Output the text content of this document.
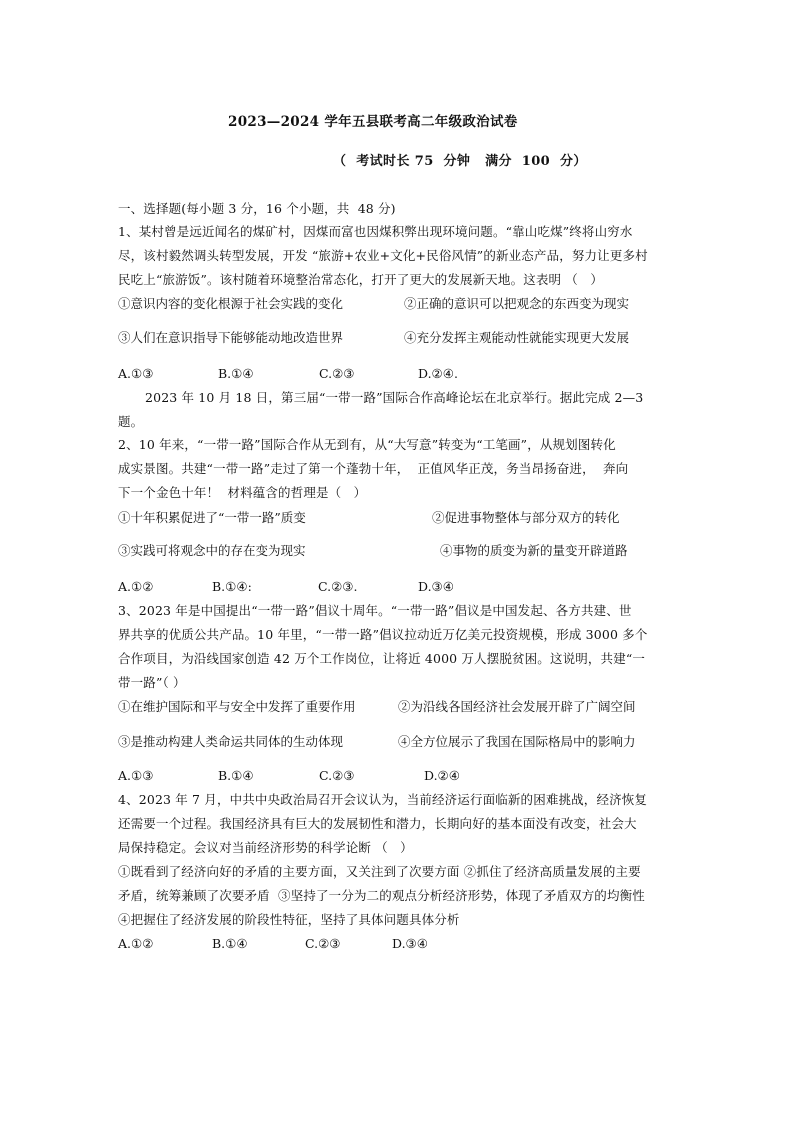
2023—2024 学年五县联考高二年级政治试卷
（  考试时长 75  分钟   满分  100  分）
一、选择题(每小题 3 分，16 个小题，共  48 分)
1、某村曾是远近闻名的煤矿村，因煤而富也因煤积弊出现环境问题。“靠山吃煤”终将山穷水
尽，该村毅然调头转型发展，开发 “旅游+农业+文化+民俗风情”的新业态产品，努力让更多村
民吃上“旅游饭”。该村随着环境整治常态化，打开了更大的发展新天地。这表明 （   ）
①意识内容的变化根源于社会实践的变化	②正确的意识可以把观念的东西变为现实
③人们在意识指导下能够能动地改造世界	④充分发挥主观能动性就能实现更大发展
A.①③	B.①④	C.②③	D.②④.
2023 年 10 月 18 日，第三届“一带一路”国际合作高峰论坛在北京举行。据此完成 2—3
题。
2、10 年来，“一带一路”国际合作从无到有，从“大写意”转变为“工笔画”，从规划图转化
成实景图。共建“一带一路”走过了第一个蓬勃十年，  正值风华正茂，务当昂扬奋进，  奔向
下一个金色十年！  材料蕴含的哲理是（   ）
①十年积累促进了“一带一路”质变	②促进事物整体与部分双方的转化
③实践可将观念中的存在变为现实	④事物的质变为新的量变开辟道路
A.①②	B.①④:	C.②③.	D.③④
3、2023 年是中国提出“一带一路”倡议十周年。“一带一路”倡议是中国发起、各方共建、世
界共享的优质公共产品。10 年里，“一带一路”倡议拉动近万亿美元投资规模，形成 3000 多个
合作项目，为沿线国家创造 42 万个工作岗位，让将近 4000 万人摆脱贫困。这说明，共建“一
带一路”（ ）
①在维护国际和平与安全中发挥了重要作用	②为沿线各国经济社会发展开辟了广阔空间
③是推动构建人类命运共同体的生动体现	④全方位展示了我国在国际格局中的影响力
A.①③	B.①④	C.②③	D.②④
4、2023 年 7 月，中共中央政治局召开会议认为，当前经济运行面临新的困难挑战，经济恢复
还需要一个过程。我国经济具有巨大的发展韧性和潜力，长期向好的基本面没有改变，社会大
局保持稳定。会议对当前经济形势的科学论断 （   ）
①既看到了经济向好的矛盾的主要方面，又关注到了次要方面 ②抓住了经济高质量发展的主要
矛盾，统筹兼顾了次要矛盾  ③坚持了一分为二的观点分析经济形势，体现了矛盾双方的均衡性
④把握住了经济发展的阶段性特征，坚持了具体问题具体分析
A.①②	B.①④	C.②③	D.③④
